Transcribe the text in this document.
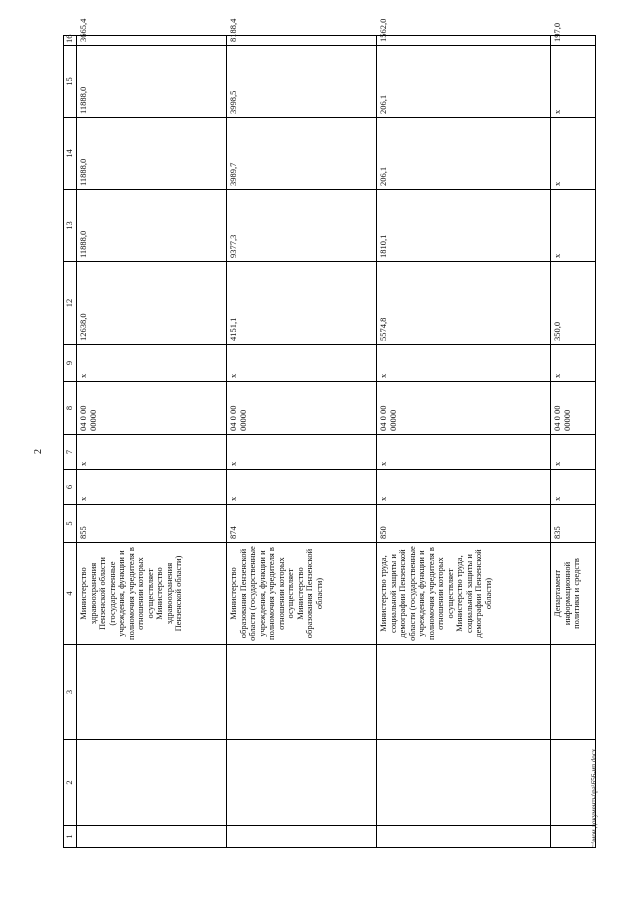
2
1	2	3	4	5	6	7	8	9	12	13	14	15	16
			Министерство здравоохранения Пензенской области (государственные учреждения, функции и полномочия учредителя в отношении которых осуществляет Министерство здравоохранения Пензенской области)	855	х	х	04 0 00 00000	х	12638,0	11888,0	11888,0	11888,0	3665,4
			Министерство образования Пензенской области (государственные учреждения, функции и полномочия учредителя в отношении которых осуществляет Министерство образования Пензенской области)	874	х	х	04 0 00 00000	х	4151,1	9377,3	3989,7	3998,5	8188,4
			Министерство труда, социальной защиты и демографии Пензенской области (государственные учреждения, функции и полномочия учредителя в отношении которых осуществляет Министерство труда, социальной защиты и демографии Пензенской области)	850	х	х	04 0 00 00000	х	5574,8	1810,1	206,1	206,1	1562,0
			Департамент информационной политики и средств	835	х	х	04 0 00 00000	х	350,0	х	х	х	197,0
с:\мои документы\ра\656-ип.docx
